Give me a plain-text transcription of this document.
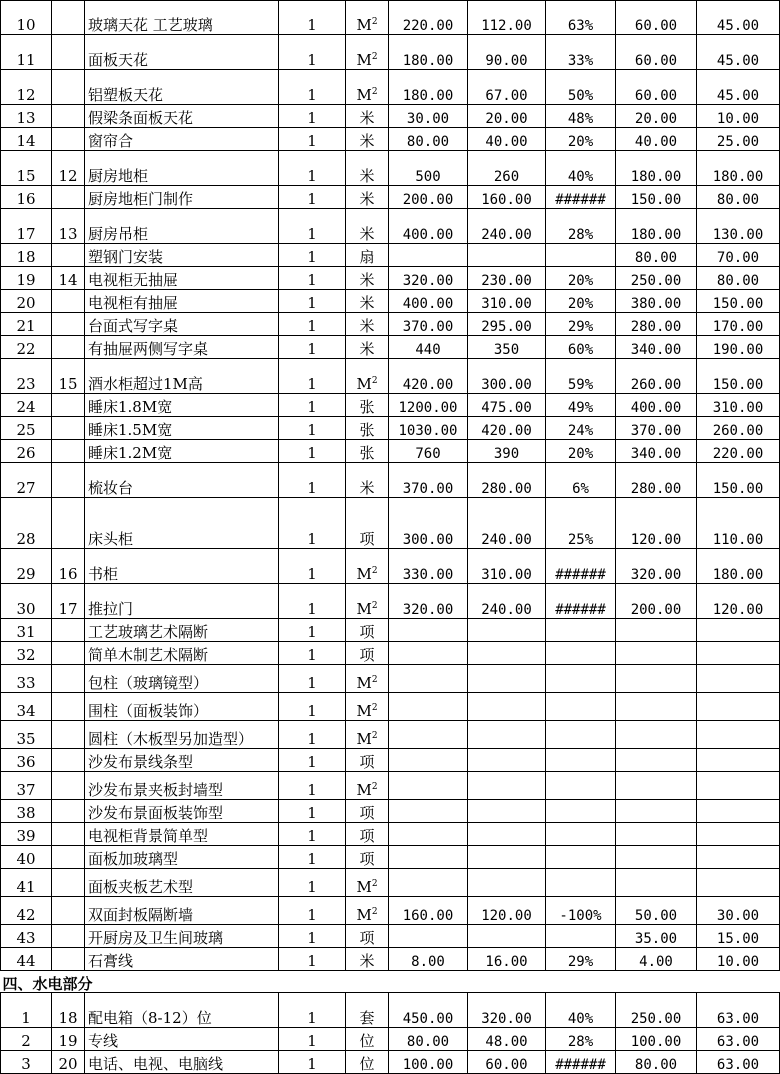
10		玻璃天花 工艺玻璃	1	$M^2$	220.00	112.00	63%	60.00	45.00
11		面板天花	1	$M^2$	180.00	90.00	33%	60.00	45.00
12		铝塑板天花	1	$M^2$	180.00	67.00	50%	60.00	45.00
13		假梁条面板天花	1	米	30.00	20.00	48%	20.00	10.00
14		窗帘合	1	米	80.00	40.00	20%	40.00	25.00
15	12	厨房地柜	1	米	500	260	40%	180.00	180.00
16		厨房地柜门制作	1	米	200.00	160.00	######	150.00	80.00
17	13	厨房吊柜	1	米	400.00	240.00	28%	180.00	130.00
18		塑钢门安装	1	扇				80.00	70.00
19	14	电视柜无抽屉	1	米	320.00	230.00	20%	250.00	80.00
20		电视柜有抽屉	1	米	400.00	310.00	20%	380.00	150.00
21		台面式写字桌	1	米	370.00	295.00	29%	280.00	170.00
22		有抽屉两侧写字桌	1	米	440	350	60%	340.00	190.00
23	15	酒水柜超过1M高	1	$M^2$	420.00	300.00	59%	260.00	150.00
24		睡床1.8M宽	1	张	1200.00	475.00	49%	400.00	310.00
25		睡床1.5M宽	1	张	1030.00	420.00	24%	370.00	260.00
26		睡床1.2M宽	1	张	760	390	20%	340.00	220.00
27		梳妆台	1	米	370.00	280.00	6%	280.00	150.00
28		床头柜	1	项	300.00	240.00	25%	120.00	110.00
29	16	书柜	1	$M^2$	330.00	310.00	######	320.00	180.00
30	17	推拉门	1	$M^2$	320.00	240.00	######	200.00	120.00
31		工艺玻璃艺术隔断	1	项					
32		简单木制艺术隔断	1	项					
33		包柱（玻璃镜型）	1	$M^2$					
34		围柱（面板装饰）	1	$M^2$					
35		圆柱（木板型另加造型）	1	$M^2$					
36		沙发布景线条型	1	项					
37		沙发布景夹板封墙型	1	$M^2$					
38		沙发布景面板装饰型	1	项					
39		电视柜背景简单型	1	项					
40		面板加玻璃型	1	项					
41		面板夹板艺术型	1	$M^2$					
42		双面封板隔断墙	1	$M^2$	160.00	120.00	-100%	50.00	30.00
43		开厨房及卫生间玻璃	1	项				35.00	15.00
44		石膏线	1	米	8.00	16.00	29%	4.00	10.00
四、水电部分									
1	18	配电箱（8-12）位	1	套	450.00	320.00	40%	250.00	63.00
2	19	专线	1	位	80.00	48.00	28%	100.00	63.00
3	20	电话、电视、电脑线	1	位	100.00	60.00	######	80.00	63.00
